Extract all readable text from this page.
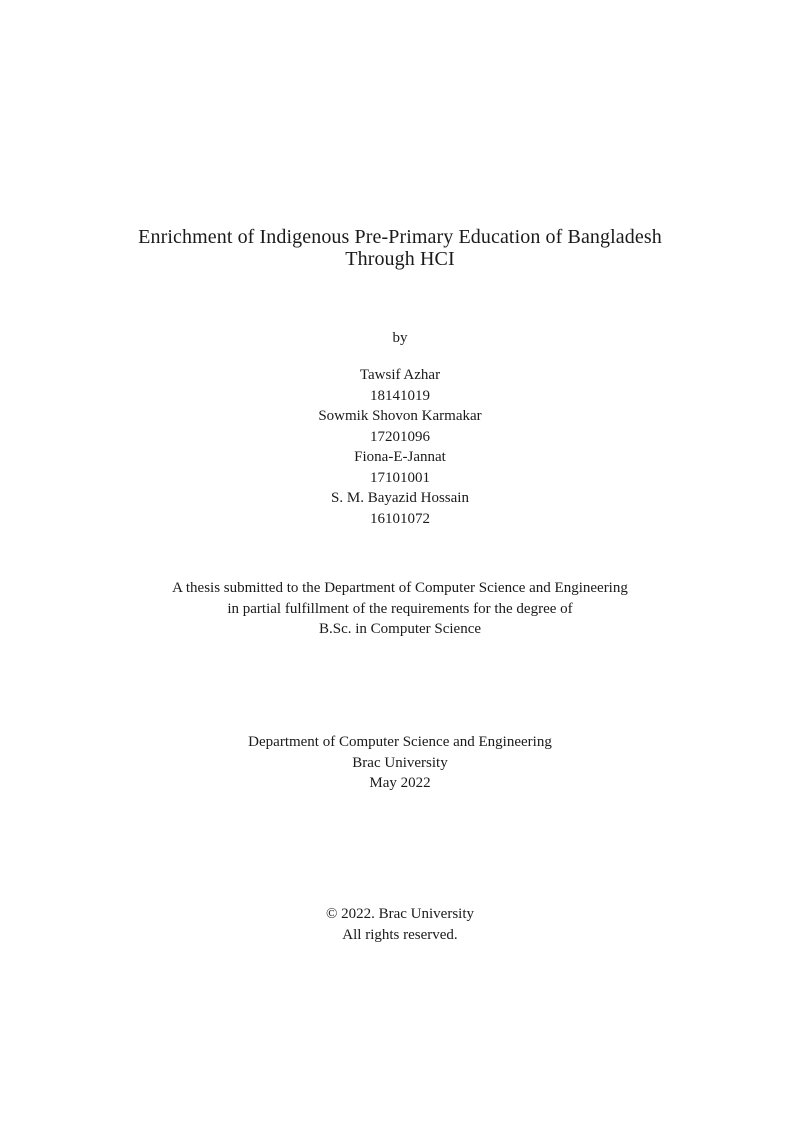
Enrichment of Indigenous Pre-Primary Education of Bangladesh
Through HCI
by
Tawsif Azhar
18141019
Sowmik Shovon Karmakar
17201096
Fiona-E-Jannat
17101001
S. M. Bayazid Hossain
16101072
A thesis submitted to the Department of Computer Science and Engineering
in partial fulfillment of the requirements for the degree of
B.Sc. in Computer Science
Department of Computer Science and Engineering
Brac University
May 2022
© 2022. Brac University
All rights reserved.
